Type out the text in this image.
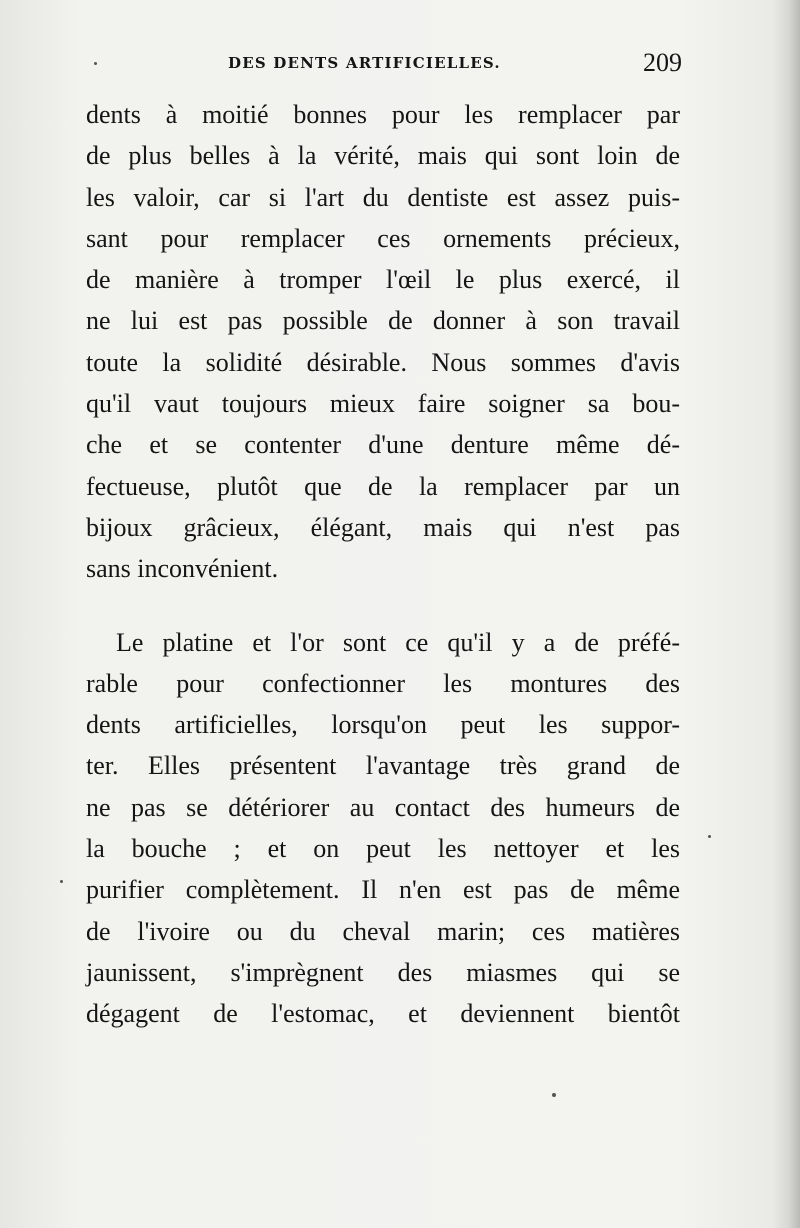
DES DENTS ARTIFICIELLES.	209
dents à moitié bonnes pour les remplacer par
de plus belles à la vérité, mais qui sont loin de
les valoir, car si l'art du dentiste est assez puis-
sant pour remplacer ces ornements précieux,
de manière à tromper l'œil le plus exercé, il
ne lui est pas possible de donner à son travail
toute la solidité désirable. Nous sommes d'avis
qu'il vaut toujours mieux faire soigner sa bou-
che et se contenter d'une denture même dé-
fectueuse, plutôt que de la remplacer par un
bijoux grâcieux, élégant, mais qui n'est pas
sans inconvénient.
Le platine et l'or sont ce qu'il y a de préfé-
rable pour confectionner les montures des
dents artificielles, lorsqu'on peut les suppor-
ter. Elles présentent l'avantage très grand de
ne pas se détériorer au contact des humeurs de
la bouche ; et on peut les nettoyer et les
purifier complètement. Il n'en est pas de même
de l'ivoire ou du cheval marin; ces matières
jaunissent, s'imprègnent des miasmes qui se
dégagent de l'estomac, et deviennent bientôt
